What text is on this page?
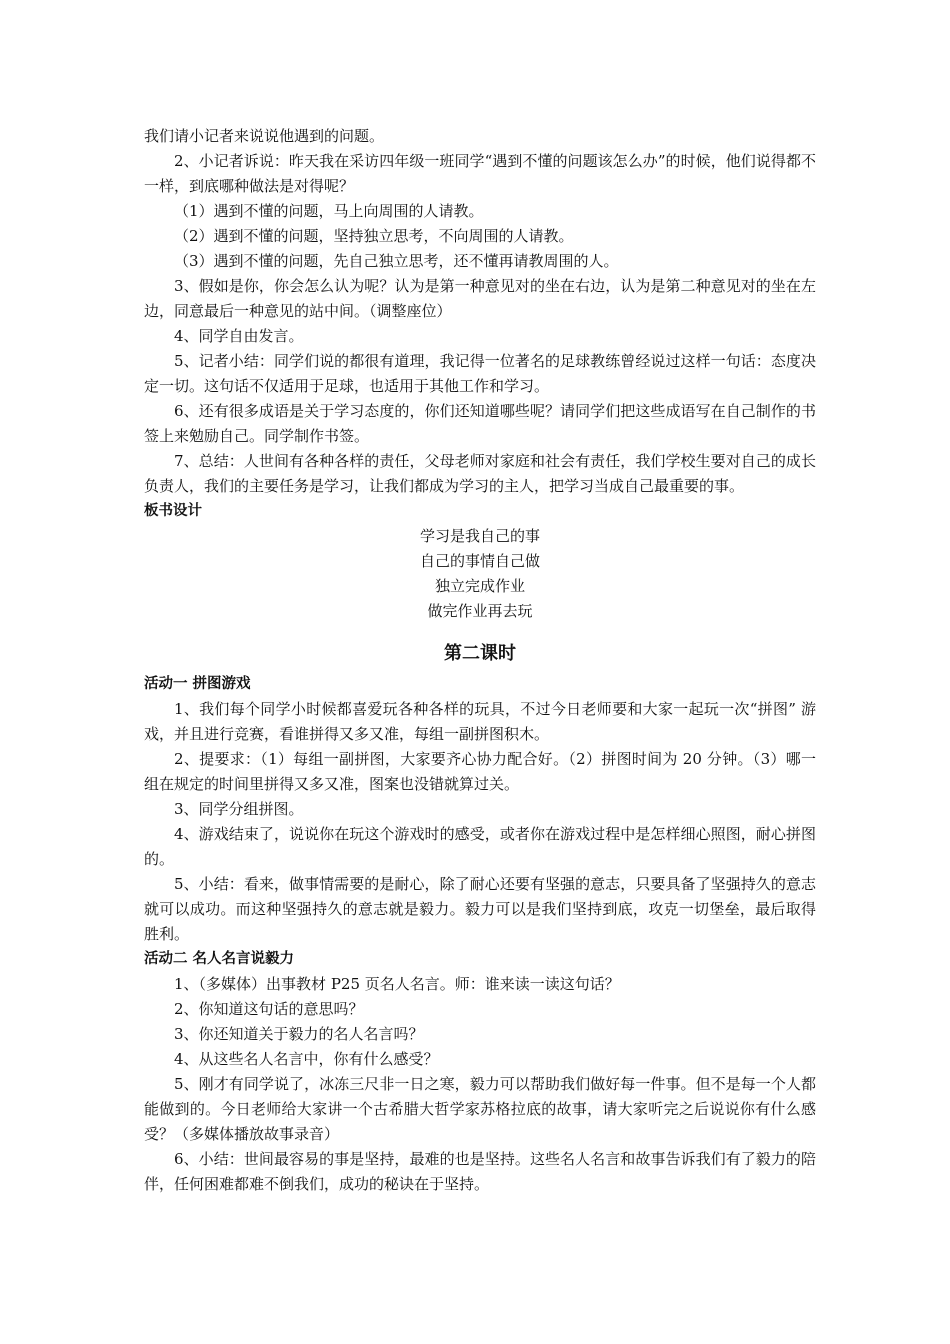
我们请小记者来说说他遇到的问题。

2、小记者诉说：昨天我在采访四年级一班同学“遇到不懂的问题该怎么办”的时候，他们说得都不一样，到底哪种做法是对得呢？

（1）遇到不懂的问题，马上向周围的人请教。

（2）遇到不懂的问题，坚持独立思考，不向周围的人请教。

（3）遇到不懂的问题，先自己独立思考，还不懂再请教周围的人。

3、假如是你，你会怎么认为呢？认为是第一种意见对的坐在右边，认为是第二种意见对的坐在左边，同意最后一种意见的站中间。（调整座位）

4、同学自由发言。

5、记者小结：同学们说的都很有道理，我记得一位著名的足球教练曾经说过这样一句话：态度决定一切。这句话不仅适用于足球，也适用于其他工作和学习。

6、还有很多成语是关于学习态度的，你们还知道哪些呢？请同学们把这些成语写在自己制作的书签上来勉励自己。同学制作书签。

7、总结：人世间有各种各样的责任，父母老师对家庭和社会有责任，我们学校生要对自己的成长负责人，我们的主要任务是学习，让我们都成为学习的主人，把学习当成自己最重要的事。

板书设计

学习是我自己的事

自己的事情自己做

独立完成作业

做完作业再去玩

第二课时

活动一 拼图游戏

1、我们每个同学小时候都喜爱玩各种各样的玩具，不过今日老师要和大家一起玩一次“拼图” 游戏，并且进行竞赛，看谁拼得又多又准，每组一副拼图积木。

2、提要求：（1）每组一副拼图，大家要齐心协力配合好。（2）拼图时间为 20 分钟。（3）哪一组在规定的时间里拼得又多又准，图案也没错就算过关。

3、同学分组拼图。

4、游戏结束了，说说你在玩这个游戏时的感受，或者你在游戏过程中是怎样细心照图，耐心拼图的。

5、小结：看来，做事情需要的是耐心，除了耐心还要有坚强的意志，只要具备了坚强持久的意志就可以成功。而这种坚强持久的意志就是毅力。毅力可以是我们坚持到底，攻克一切堡垒，最后取得胜利。

活动二 名人名言说毅力

1、（多媒体）出事教材 P25 页名人名言。师：谁来读一读这句话？

2、你知道这句话的意思吗？

3、你还知道关于毅力的名人名言吗？

4、从这些名人名言中，你有什么感受？

5、刚才有同学说了，冰冻三尺非一日之寒，毅力可以帮助我们做好每一件事。但不是每一个人都能做到的。今日老师给大家讲一个古希腊大哲学家苏格拉底的故事，请大家听完之后说说你有什么感受？（多媒体播放故事录音）

6、小结：世间最容易的事是坚持，最难的也是坚持。这些名人名言和故事告诉我们有了毅力的陪伴，任何困难都难不倒我们，成功的秘诀在于坚持。
